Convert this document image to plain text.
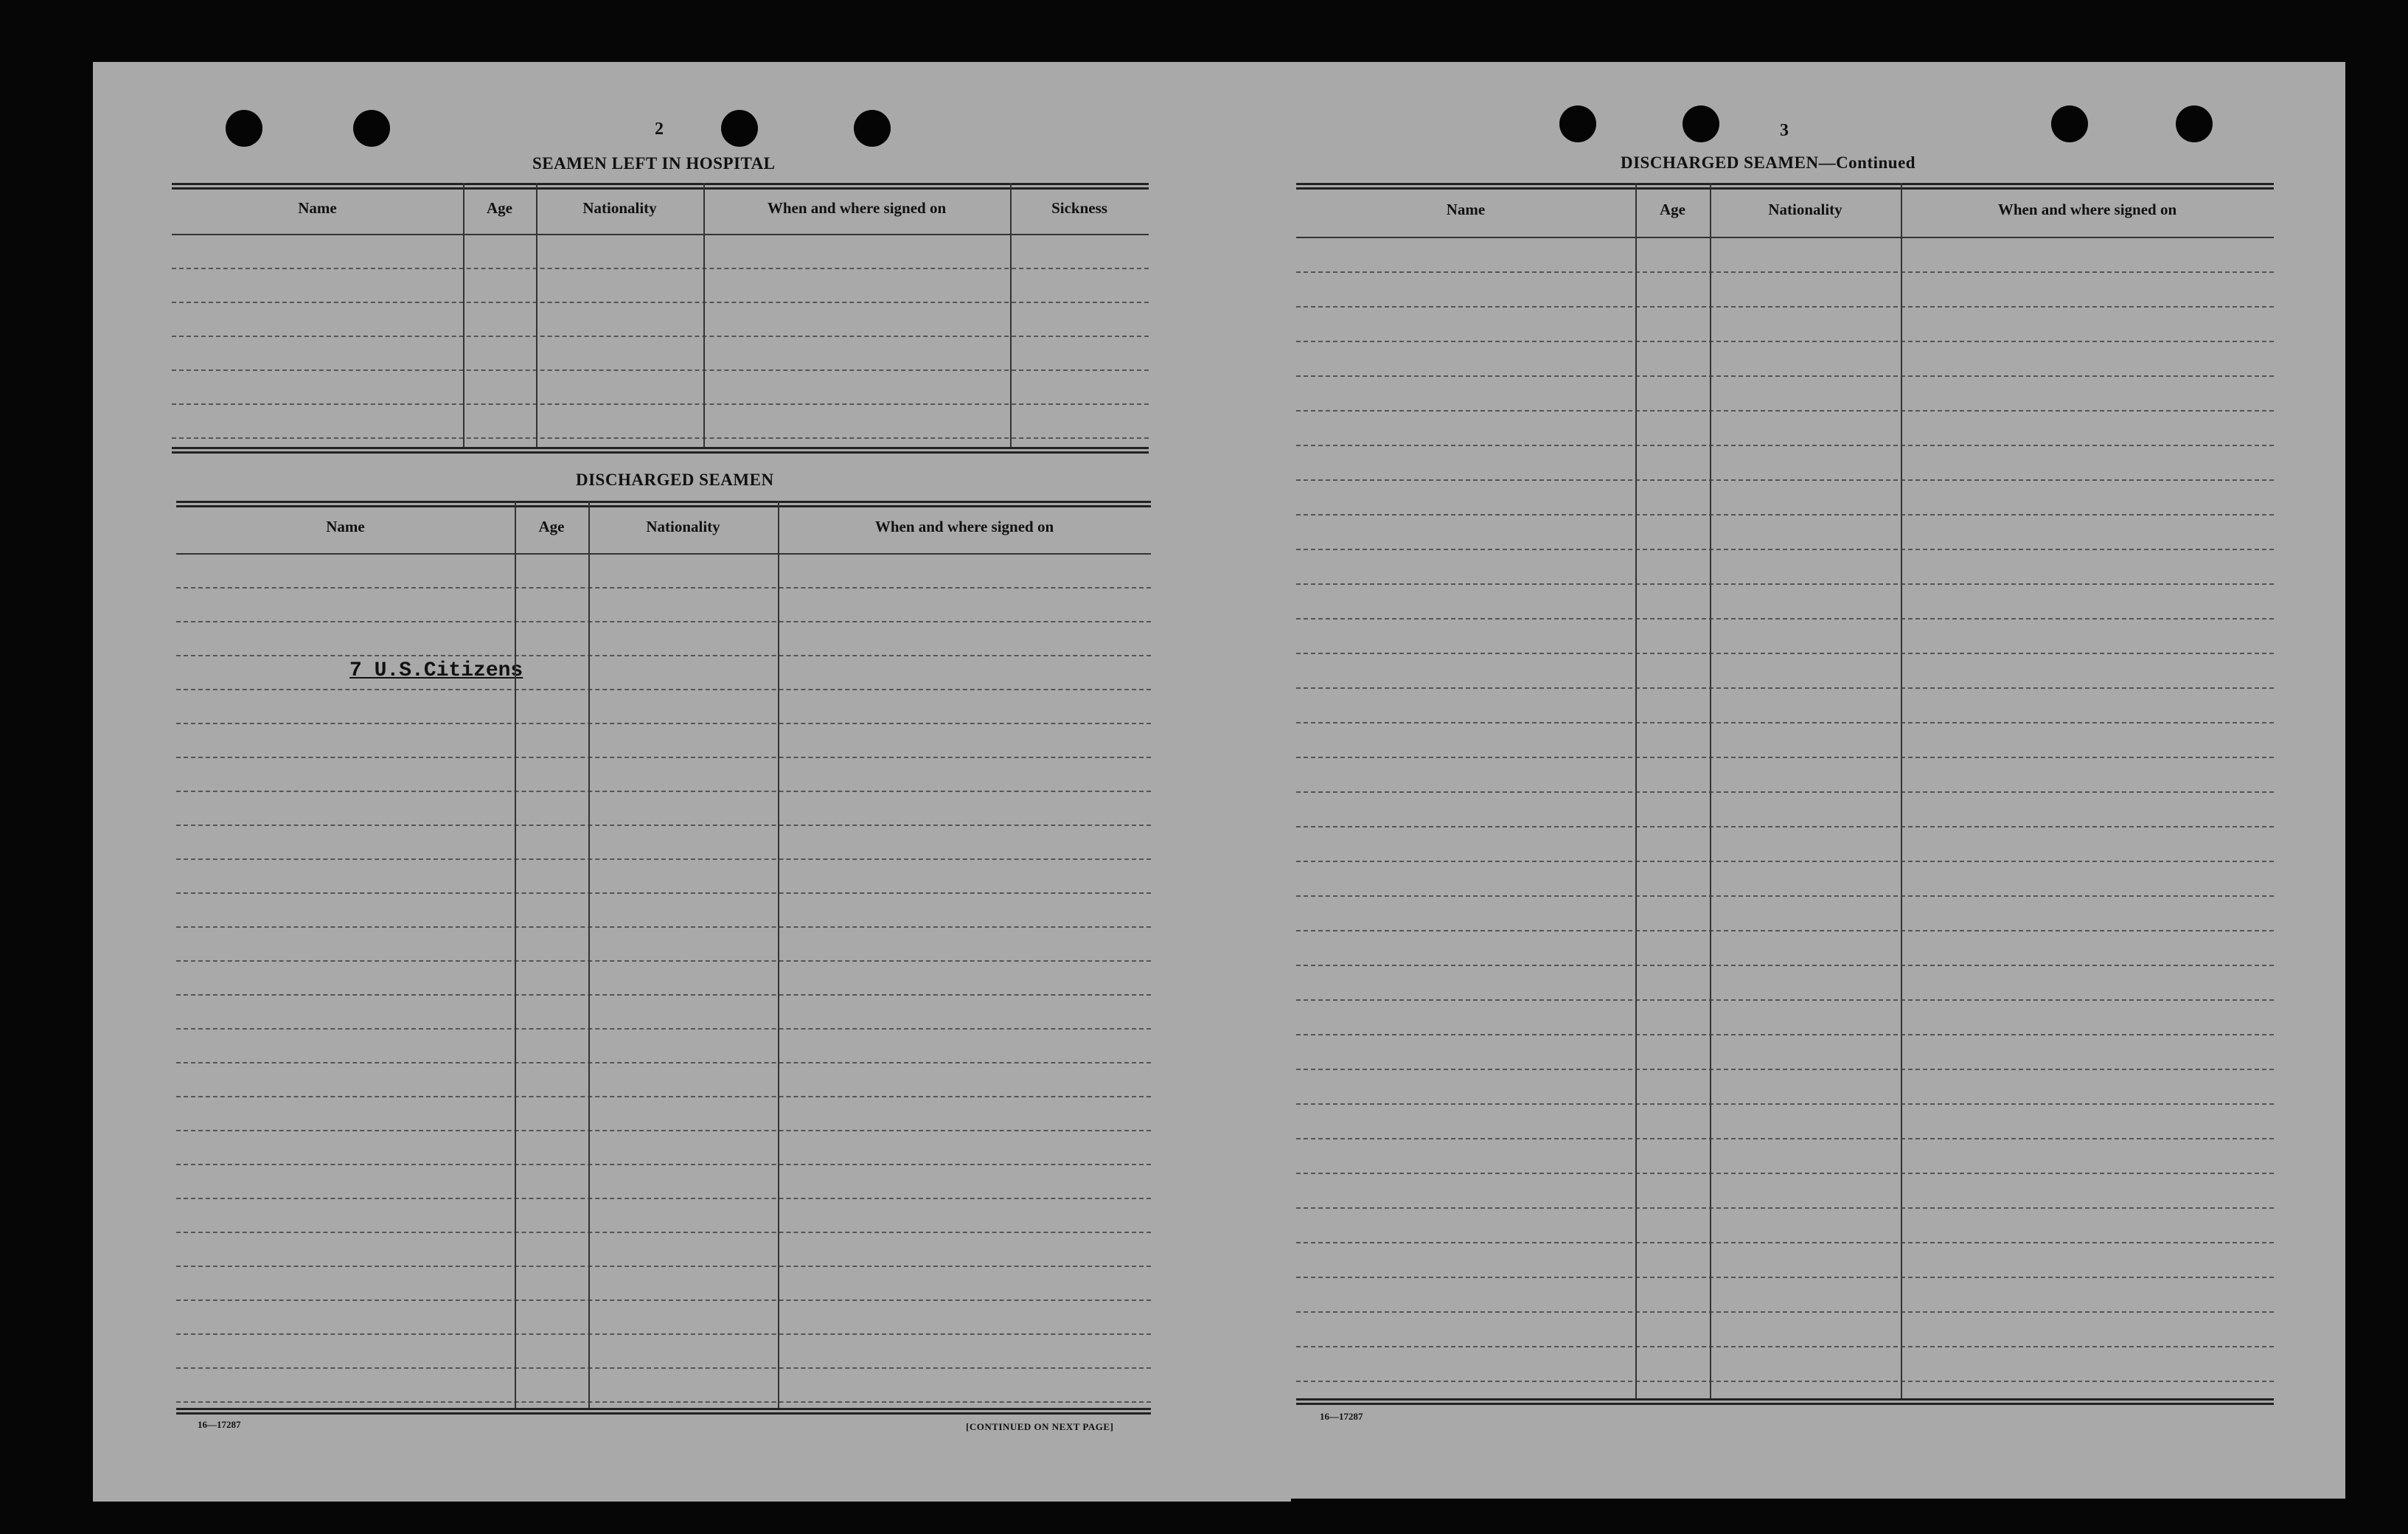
2
SEAMEN LEFT IN HOSPITAL
DISCHARGED SEAMEN
7 U.S.Citizens
16—17287	[CONTINUED ON NEXT PAGE]
Name	Age	Nationality	When and where signed on	Sickness
Name	Age	Nationality	When and where signed on
3
DISCHARGED SEAMEN—Continued
16—17287
Name	Age	Nationality	When and where signed on
